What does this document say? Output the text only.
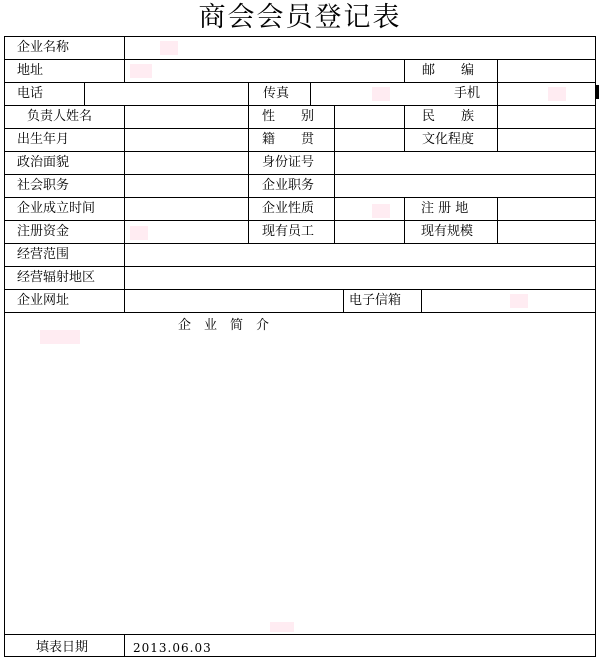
商会会员登记表
企业名称
地址	邮　　编
电话	传真	手机
负责人姓名	性　　别	民　　族
出生年月	籍　　贯	文化程度
政治面貌	身份证号
社会职务	企业职务
企业成立时间	企业性质	注 册 地
注册资金	现有员工	现有规模
经营范围
经营辐射地区
企业网址	电子信箱
企　业　简　介
填表日期	2013.06.03
